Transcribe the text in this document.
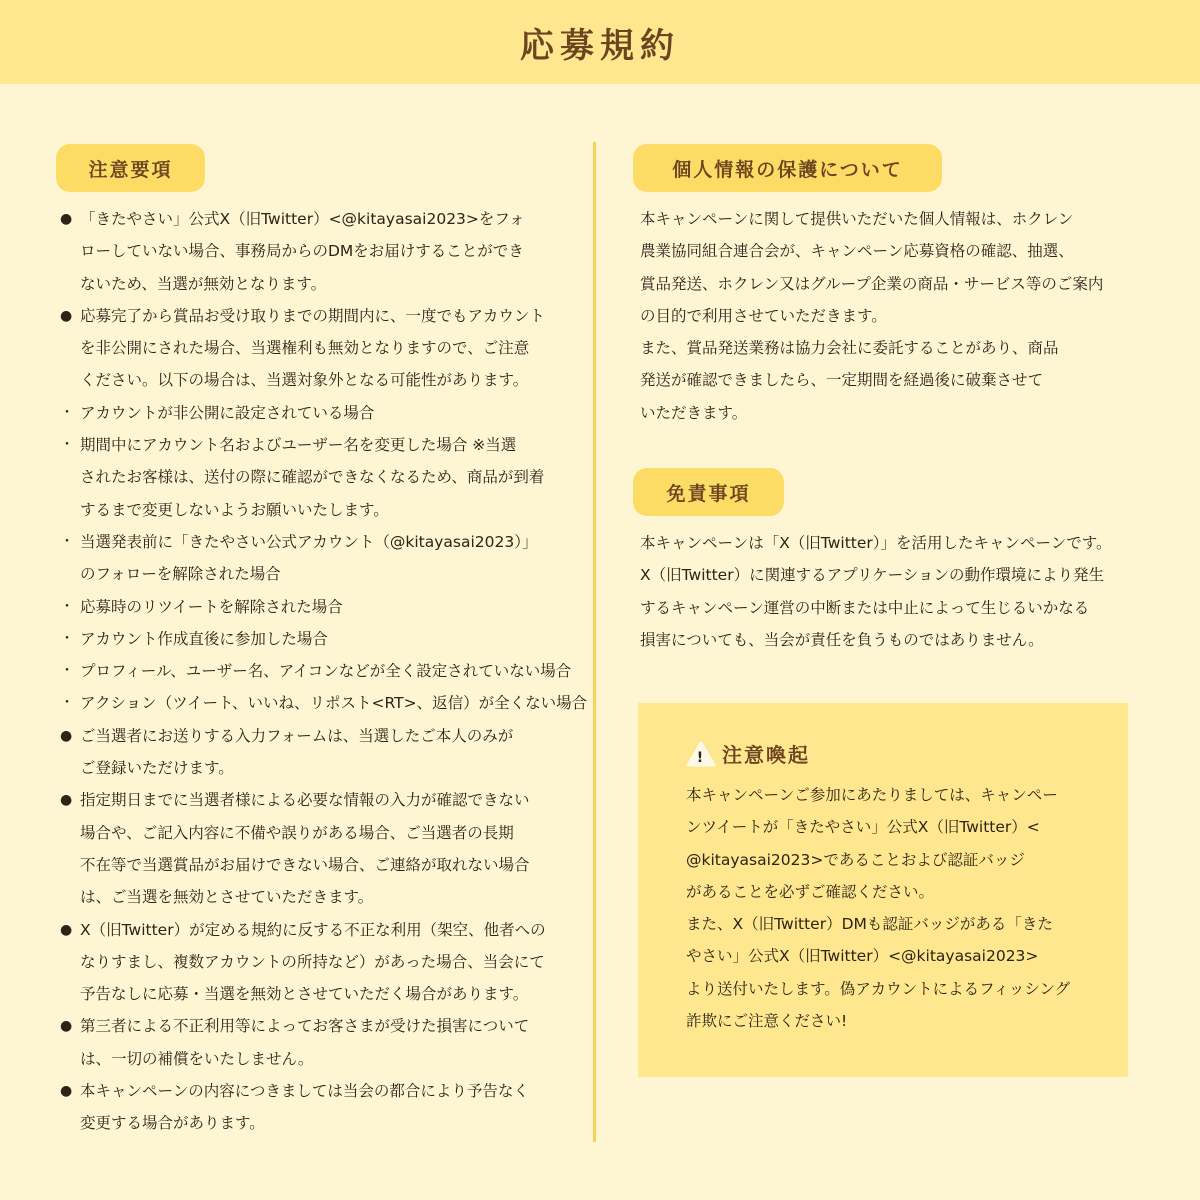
応募規約
注意要項
● 「きたやさい」公式X（旧Twitter）<@kitayasai2023>をフォ
ローしていない場合、事務局からのDMをお届けすることができ
ないため、当選が無効となります。
● 応募完了から賞品お受け取りまでの期間内に、一度でもアカウント
を非公開にされた場合、当選権利も無効となりますので、ご注意
ください。以下の場合は、当選対象外となる可能性があります。
・ アカウントが非公開に設定されている場合
・ 期間中にアカウント名およびユーザー名を変更した場合 ※当選
されたお客様は、送付の際に確認ができなくなるため、商品が到着
するまで変更しないようお願いいたします。
・ 当選発表前に「きたやさい公式アカウント（@kitayasai2023）」
のフォローを解除された場合
・ 応募時のリツイートを解除された場合
・ アカウント作成直後に参加した場合
・ プロフィール、ユーザー名、アイコンなどが全く設定されていない場合
・ アクション（ツイート、いいね、リポスト<RT>、返信）が全くない場合
● ご当選者にお送りする入力フォームは、当選したご本人のみが
ご登録いただけます。
● 指定期日までに当選者様による必要な情報の入力が確認できない
場合や、ご記入内容に不備や誤りがある場合、ご当選者の長期
不在等で当選賞品がお届けできない場合、ご連絡が取れない場合
は、ご当選を無効とさせていただきます。
● X（旧Twitter）が定める規約に反する不正な利用（架空、他者への
なりすまし、複数アカウントの所持など）があった場合、当会にて
予告なしに応募・当選を無効とさせていただく場合があります。
● 第三者による不正利用等によってお客さまが受けた損害について
は、一切の補償をいたしません。
● 本キャンペーンの内容につきましては当会の都合により予告なく
変更する場合があります。
個人情報の保護について
本キャンペーンに関して提供いただいた個人情報は、ホクレン
農業協同組合連合会が、キャンペーン応募資格の確認、抽選、
賞品発送、ホクレン又はグループ企業の商品・サービス等のご案内
の目的で利用させていただきます。
また、賞品発送業務は協力会社に委託することがあり、商品
発送が確認できましたら、一定期間を経過後に破棄させて
いただきます。
免責事項
本キャンペーンは「X（旧Twitter）」を活用したキャンペーンです。
X（旧Twitter）に関連するアプリケーションの動作環境により発生
するキャンペーン運営の中断または中止によって生じるいかなる
損害についても、当会が責任を負うものではありません。
! 注意喚起
本キャンペーンご参加にあたりましては、キャンペー
ンツイートが「きたやさい」公式X（旧Twitter）<
@kitayasai2023>であることおよび認証バッジ
があることを必ずご確認ください。
また、X（旧Twitter）DMも認証バッジがある「きた
やさい」公式X（旧Twitter）<@kitayasai2023>
より送付いたします。偽アカウントによるフィッシング
詐欺にご注意ください!
